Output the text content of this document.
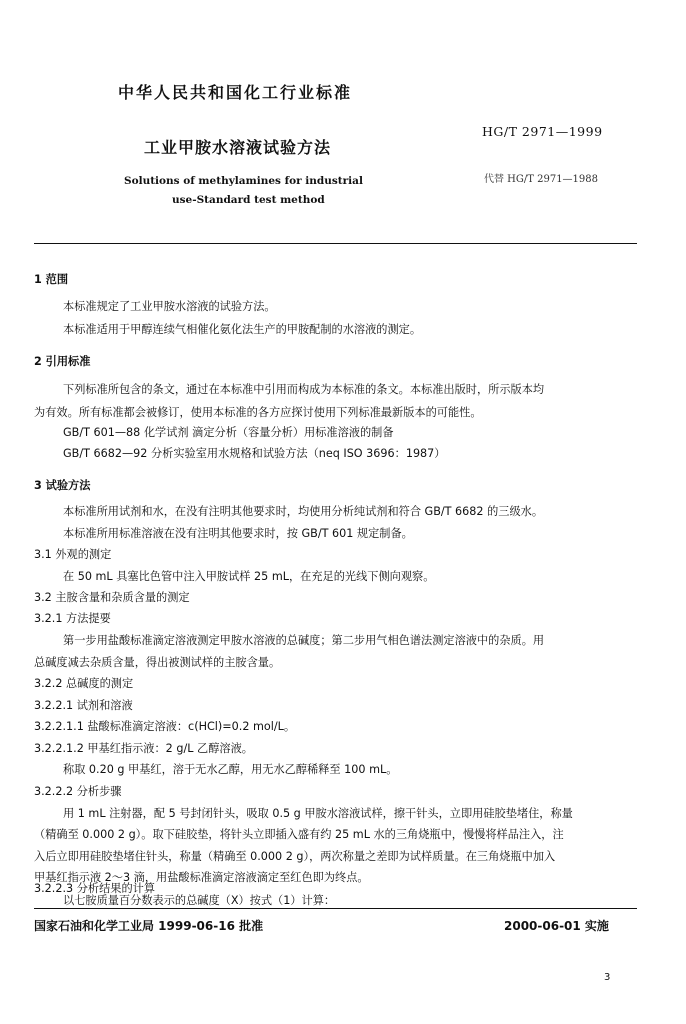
中华人民共和国化工行业标准
HG/T 2971—1999
工业甲胺水溶液试验方法
代替 HG/T 2971—1988
Solutions of methylamines for industrial
use-Standard test method
1 范围
本标准规定了工业甲胺水溶液的试验方法。
本标准适用于甲醇连续气相催化氨化法生产的甲胺配制的水溶液的测定。
2 引用标准
下列标准所包含的条文，通过在本标准中引用而构成为本标准的条文。本标准出版时，所示版本均
为有效。所有标准都会被修订，使用本标准的各方应探讨使用下列标准最新版本的可能性。
GB/T 601—88 化学试剂 滴定分析（容量分析）用标准溶液的制备
GB/T 6682—92 分析实验室用水规格和试验方法（neq ISO 3696：1987）
3 试验方法
本标准所用试剂和水，在没有注明其他要求时，均使用分析纯试剂和符合 GB/T 6682 的三级水。
本标准所用标准溶液在没有注明其他要求时，按 GB/T 601 规定制备。
3.1 外观的测定
在 50 mL 具塞比色管中注入甲胺试样 25 mL，在充足的光线下侧向观察。
3.2 主胺含量和杂质含量的测定
3.2.1 方法提要
第一步用盐酸标准滴定溶液测定甲胺水溶液的总碱度；第二步用气相色谱法测定溶液中的杂质。用
总碱度减去杂质含量，得出被测试样的主胺含量。
3.2.2 总碱度的测定
3.2.2.1 试剂和溶液
3.2.2.1.1 盐酸标准滴定溶液：c(HCl)=0.2 mol/L。
3.2.2.1.2 甲基红指示液：2 g/L 乙醇溶液。
称取 0.20 g 甲基红，溶于无水乙醇，用无水乙醇稀释至 100 mL。
3.2.2.2 分析步骤
用 1 mL 注射器，配 5 号封闭针头，吸取 0.5 g 甲胺水溶液试样，擦干针头，立即用硅胶垫堵住，称量
（精确至 0.000 2 g）。取下硅胶垫，将针头立即插入盛有约 25 mL 水的三角烧瓶中，慢慢将样品注入，注
入后立即用硅胶垫堵住针头，称量（精确至 0.000 2 g），两次称量之差即为试样质量。在三角烧瓶中加入
甲基红指示液 2～3 滴，用盐酸标准滴定溶液滴定至红色即为终点。
3.2.2.3 分析结果的计算
以七胺质量百分数表示的总碱度（X）按式（1）计算：
国家石油和化学工业局 1999-06-16 批准	2000-06-01 实施
3
